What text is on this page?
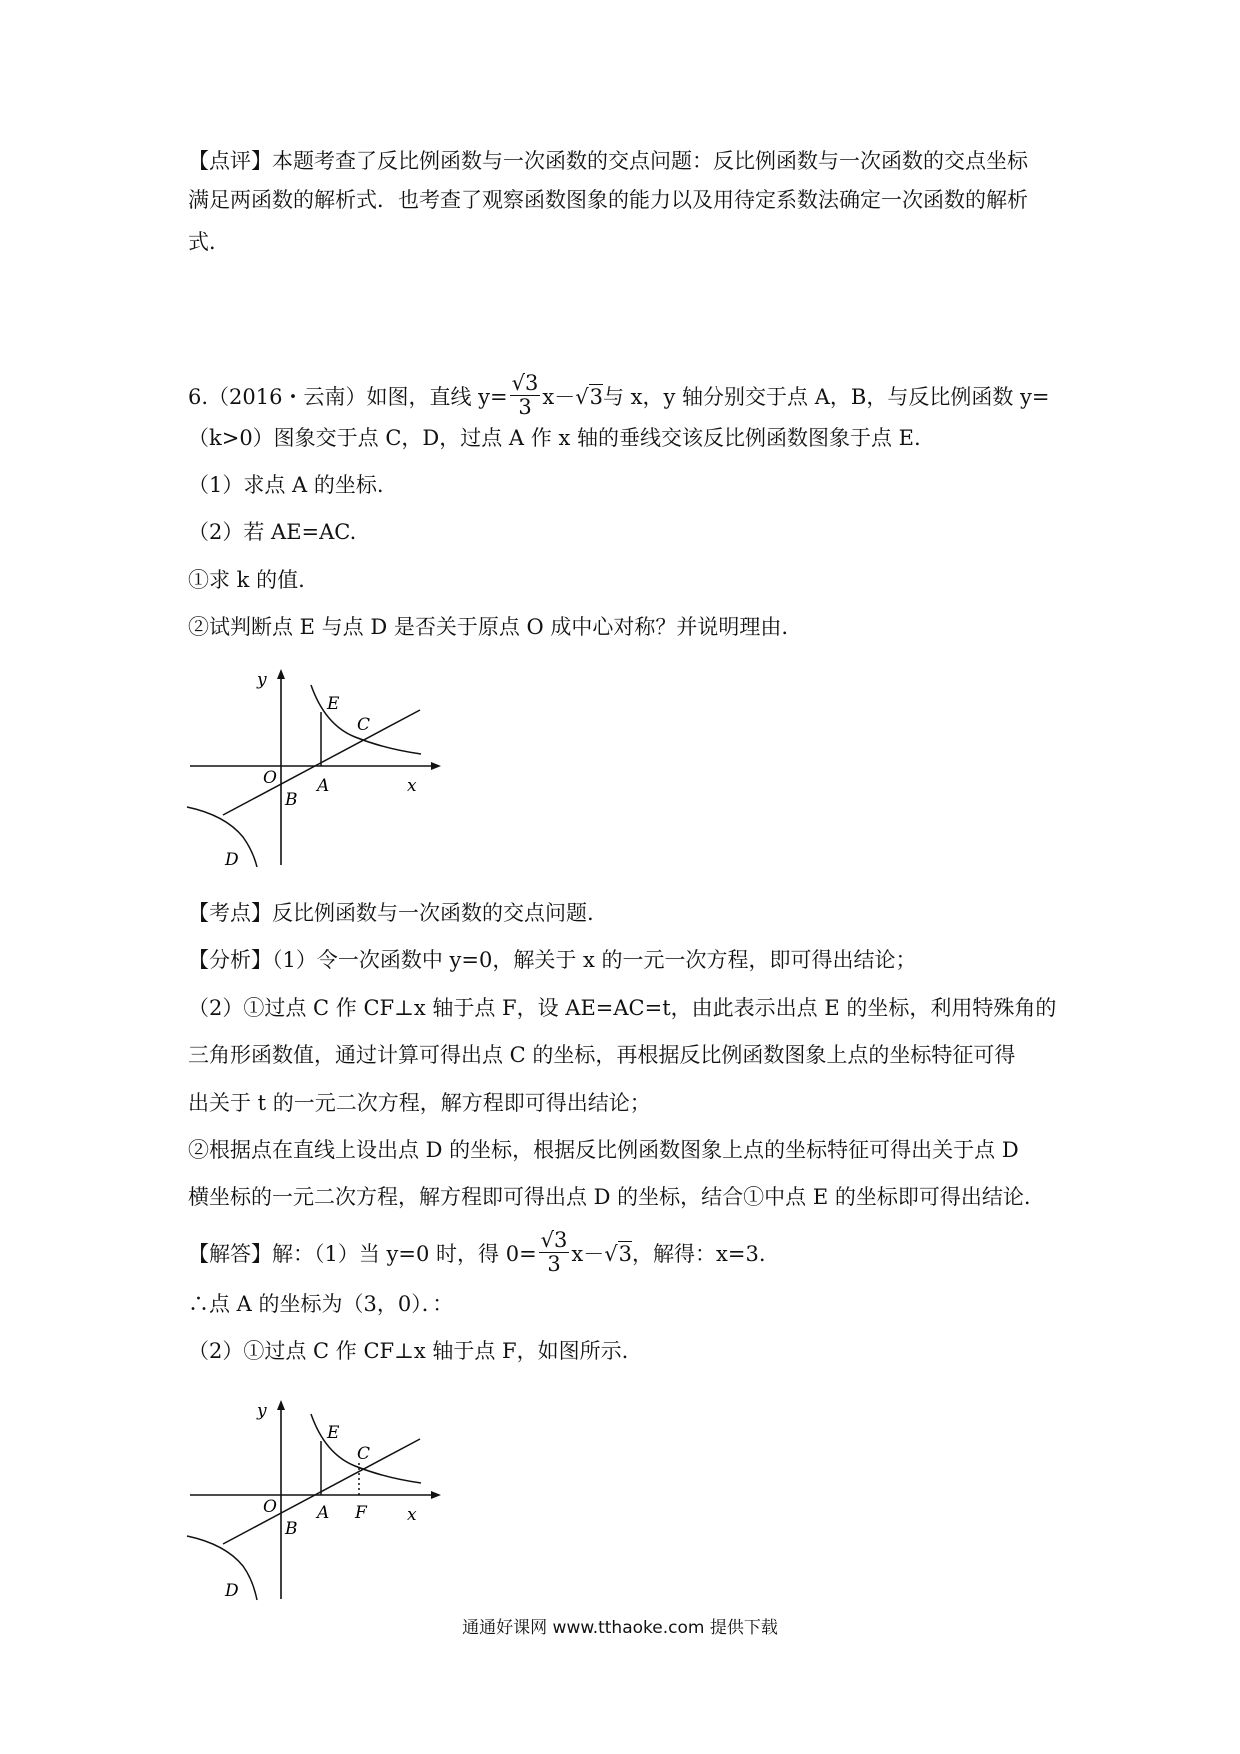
【点评】本题考查了反比例函数与一次函数的交点问题：反比例函数与一次函数的交点坐标
满足两函数的解析式．也考查了观察函数图象的能力以及用待定系数法确定一次函数的解析
式．
6.（2016・云南）如图，直线 $y= \frac{√3}{3} x-√3$与 x，y 轴分别交于点 A，B，与反比例函数 y=
（k>0）图象交于点 C，D，过点 A 作 x 轴的垂线交该反比例函数图象于点 E.
（1）求点 A 的坐标.
（2）若 AE=AC.
①求 k 的值.
②试判断点 E 与点 D 是否关于原点 O 成中心对称？并说明理由.
y
E
C
O A	x
B
D
【考点】反比例函数与一次函数的交点问题.
【分析】（1）令一次函数中 y=0，解关于 x 的一元一次方程，即可得出结论；
（2）①过点 C 作 CF⊥x 轴于点 F，设 AE=AC=t，由此表示出点 E 的坐标，利用特殊角的
三角形函数值，通过计算可得出点 C 的坐标，再根据反比例函数图象上点的坐标特征可得
出关于 t 的一元二次方程，解方程即可得出结论；
②根据点在直线上设出点 D 的坐标，根据反比例函数图象上点的坐标特征可得出关于点 D
横坐标的一元二次方程，解方程即可得出点 D 的坐标，结合①中点 E 的坐标即可得出结论.
【解答】解：（1）当 y=0 时，得 $0= \frac{√3}{3} x-√3$，解得：x=3.
∴点 A 的坐标为（3，0）．：
（2）①过点 C 作 CF⊥x 轴于点 F，如图所示.
y
E
C
O A F x
B
D
通通好课网 www.tthaoke.com 提供下载
